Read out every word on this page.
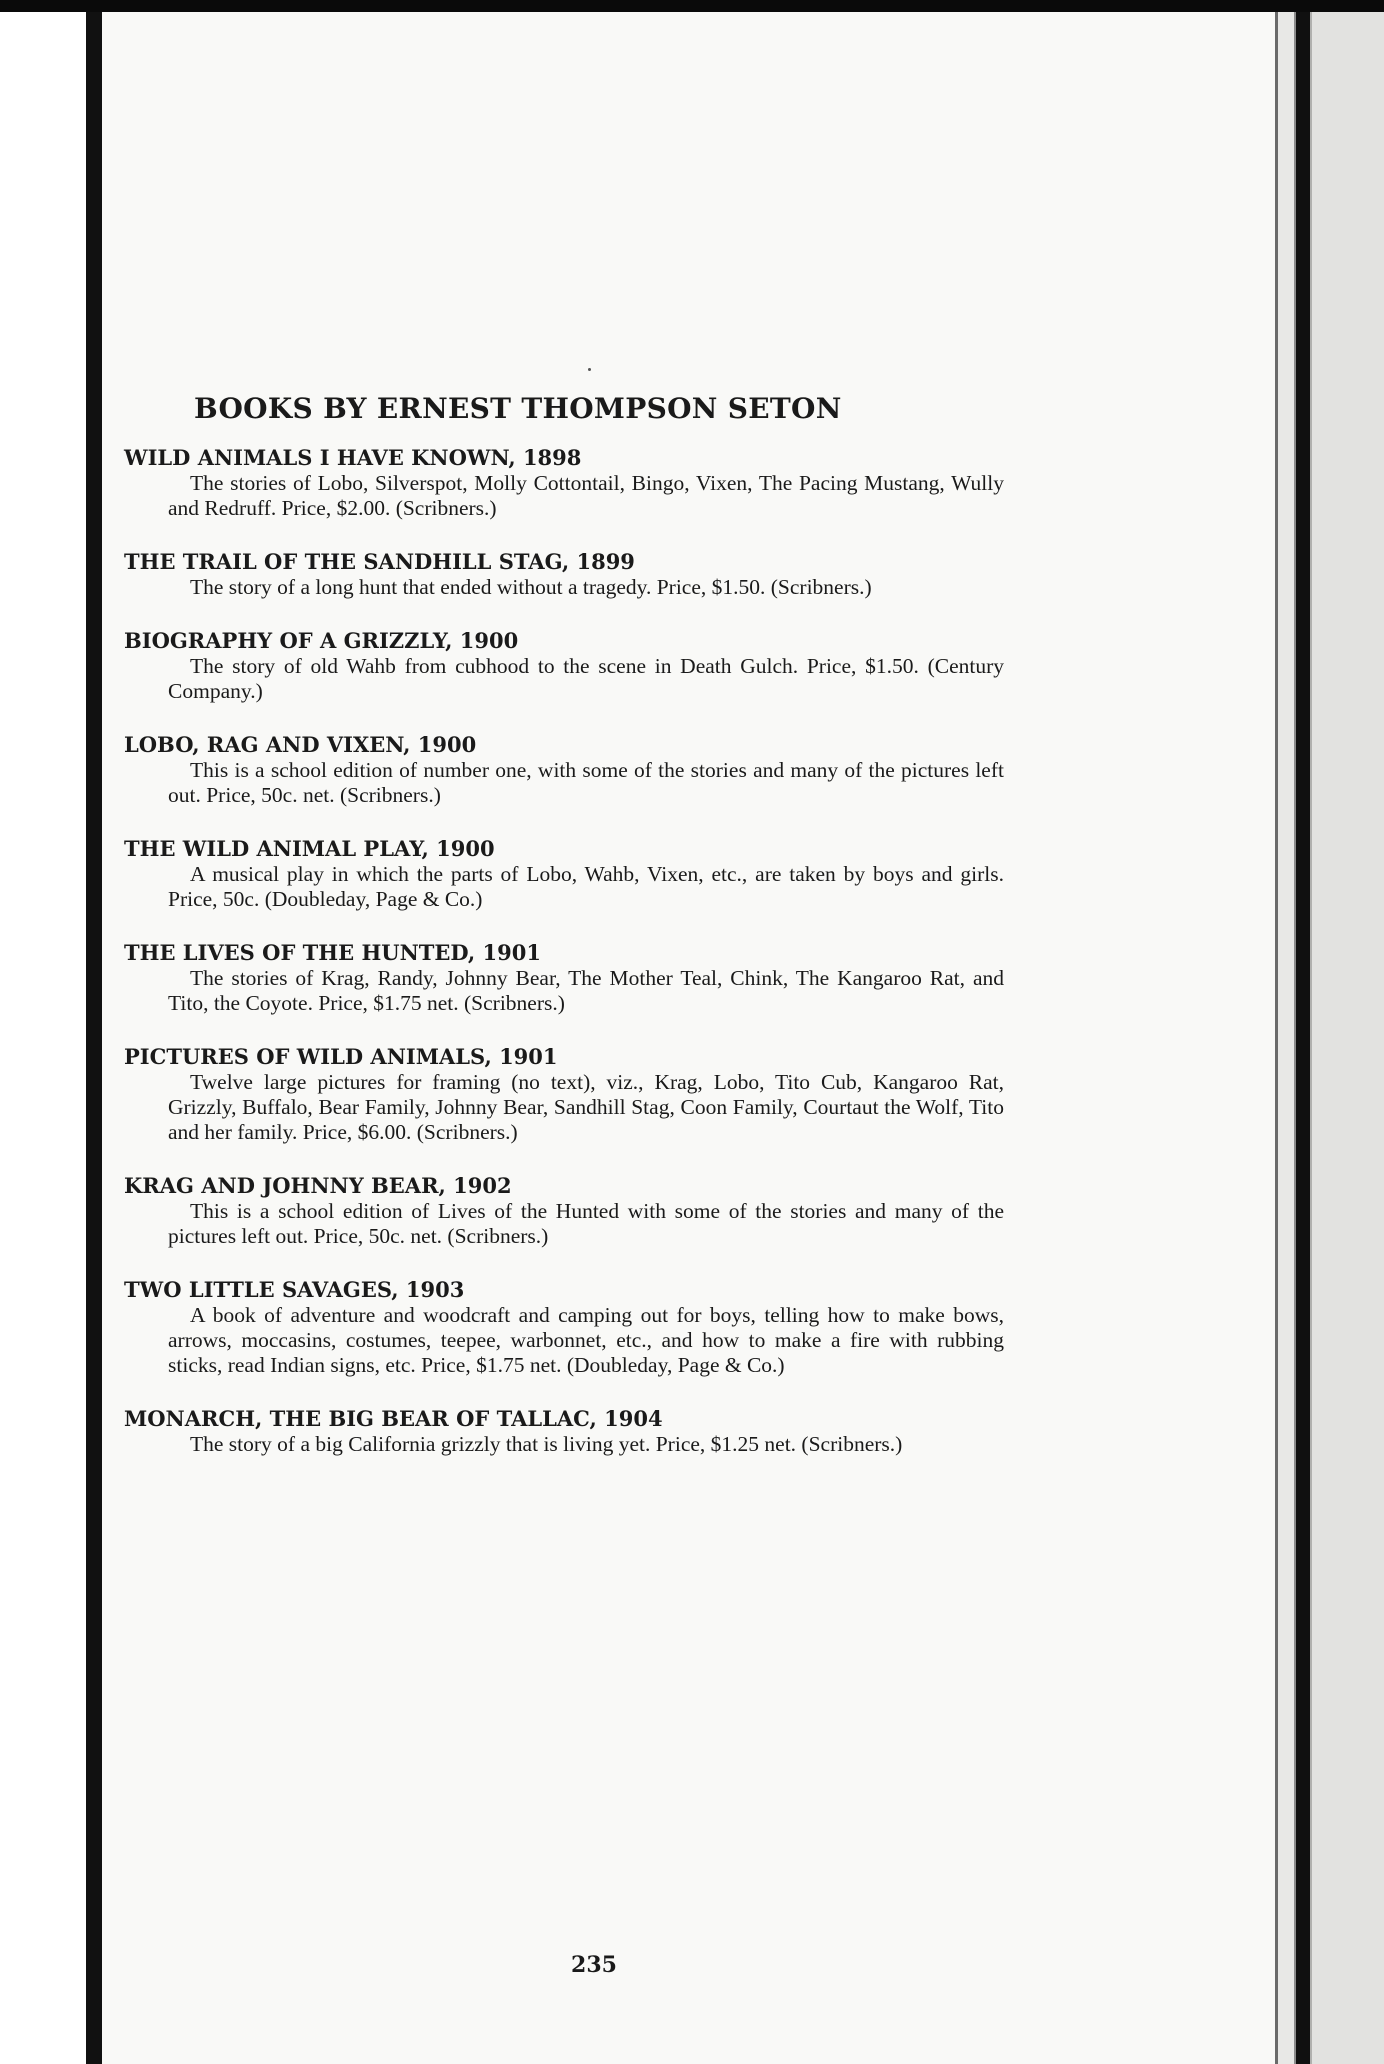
BOOKS BY ERNEST THOMPSON SETON
WILD ANIMALS I HAVE KNOWN, 1898
The stories of Lobo, Silverspot, Molly Cottontail, Bingo, Vixen, The Pacing Mustang, Wully and Redruff. Price, $2.00. (Scribners.)
THE TRAIL OF THE SANDHILL STAG, 1899
The story of a long hunt that ended without a tragedy. Price, $1.50. (Scribners.)
BIOGRAPHY OF A GRIZZLY, 1900
The story of old Wahb from cubhood to the scene in Death Gulch. Price, $1.50. (Century Company.)
LOBO, RAG AND VIXEN, 1900
This is a school edition of number one, with some of the stories and many of the pictures left out. Price, 50c. net. (Scribners.)
THE WILD ANIMAL PLAY, 1900
A musical play in which the parts of Lobo, Wahb, Vixen, etc., are taken by boys and girls. Price, 50c. (Doubleday, Page & Co.)
THE LIVES OF THE HUNTED, 1901
The stories of Krag, Randy, Johnny Bear, The Mother Teal, Chink, The Kangaroo Rat, and Tito, the Coyote. Price, $1.75 net. (Scribners.)
PICTURES OF WILD ANIMALS, 1901
Twelve large pictures for framing (no text), viz., Krag, Lobo, Tito Cub, Kangaroo Rat, Grizzly, Buffalo, Bear Family, Johnny Bear, Sandhill Stag, Coon Family, Courtaut the Wolf, Tito and her family. Price, $6.00. (Scribners.)
KRAG AND JOHNNY BEAR, 1902
This is a school edition of Lives of the Hunted with some of the stories and many of the pictures left out. Price, 50c. net. (Scribners.)
TWO LITTLE SAVAGES, 1903
A book of adventure and woodcraft and camping out for boys, telling how to make bows, arrows, moccasins, costumes, teepee, warbonnet, etc., and how to make a fire with rubbing sticks, read Indian signs, etc. Price, $1.75 net. (Doubleday, Page & Co.)
MONARCH, THE BIG BEAR OF TALLAC, 1904
The story of a big California grizzly that is living yet. Price, $1.25 net. (Scribners.)
235
